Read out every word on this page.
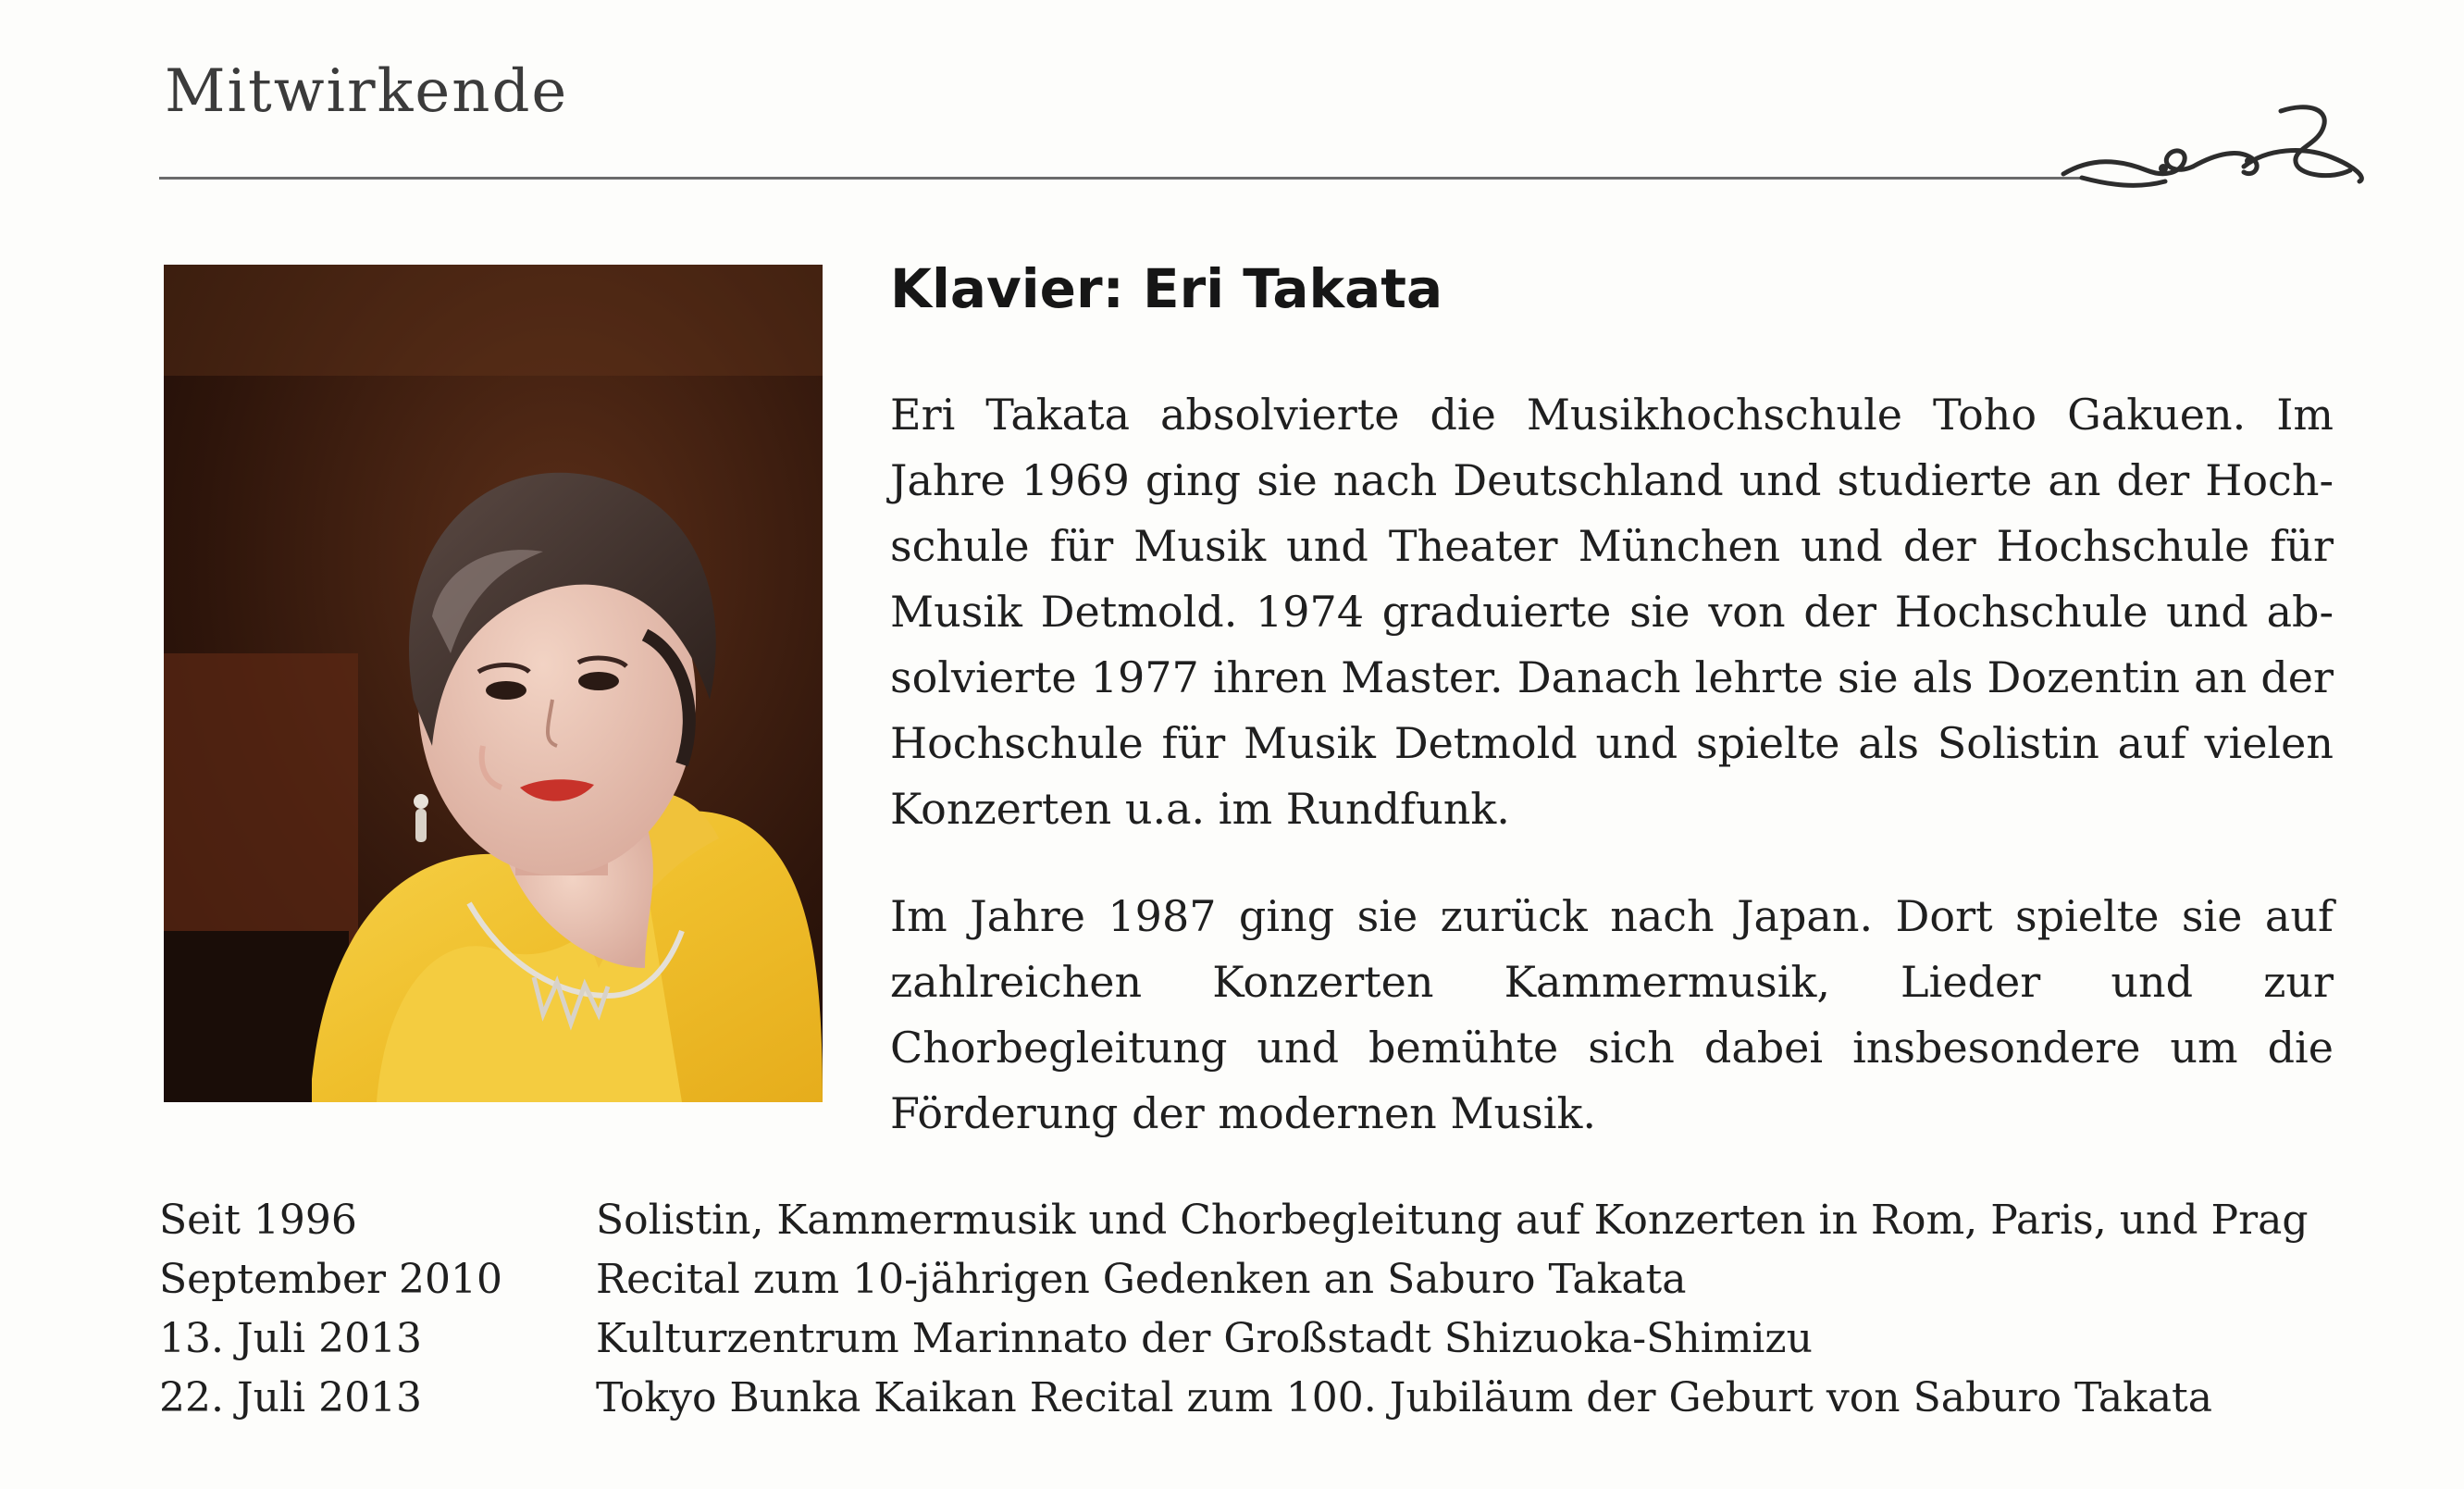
Mitwirkende
Klavier: Eri Takata

Eri Takata absolvierte die Musikhochschule Toho Gakuen. Im Jahre 1969 ging sie nach Deutschland und studierte an der Hochschule für Musik und Theater München und der Hochschule für Musik Detmold. 1974 graduierte sie von der Hochschule und absolvierte 1977 ihren Master. Danach lehrte sie als Dozentin an der Hochschule für Musik Detmold und spielte als Solistin auf vielen Konzerten u.a. im Rundfunk.

Im Jahre 1987 ging sie zurück nach Japan. Dort spielte sie auf zahlreichen Konzerten Kammermusik, Lieder und zur Chorbegleitung und bemühte sich dabei insbesondere um die Förderung der modernen Musik.

Seit 1996	Solistin, Kammermusik und Chorbegleitung auf Konzerten in Rom, Paris, und Prag
September 2010	Recital zum 10-jährigen Gedenken an Saburo Takata
13. Juli 2013	Kulturzentrum Marinnato der Großstadt Shizuoka-Shimizu
22. Juli 2013	Tokyo Bunka Kaikan Recital zum 100. Jubiläum der Geburt von Saburo Takata
